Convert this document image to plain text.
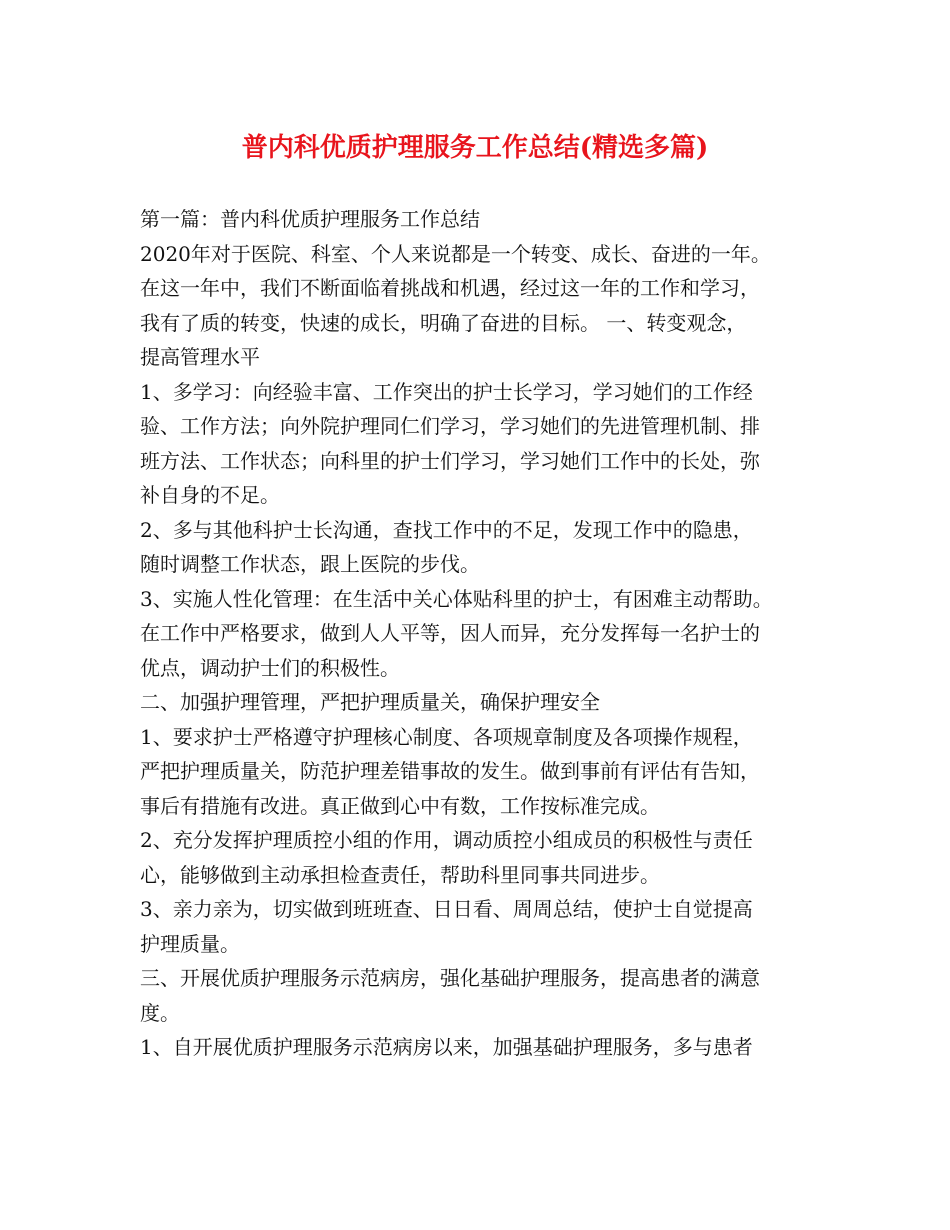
普内科优质护理服务工作总结(精选多篇)
第一篇：普内科优质护理服务工作总结
2020年对于医院、科室、个人来说都是一个转变、成长、奋进的一年。
在这一年中，我们不断面临着挑战和机遇，经过这一年的工作和学习，
我有了质的转变，快速的成长，明确了奋进的目标。 一、转变观念，
提高管理水平
1、多学习：向经验丰富、工作突出的护士长学习，学习她们的工作经
验、工作方法；向外院护理同仁们学习，学习她们的先进管理机制、排
班方法、工作状态；向科里的护士们学习，学习她们工作中的长处，弥
补自身的不足。
2、多与其他科护士长沟通，查找工作中的不足，发现工作中的隐患，
随时调整工作状态，跟上医院的步伐。
3、实施人性化管理：在生活中关心体贴科里的护士，有困难主动帮助。
在工作中严格要求，做到人人平等，因人而异，充分发挥每一名护士的
优点，调动护士们的积极性。
二、加强护理管理，严把护理质量关，确保护理安全
1、要求护士严格遵守护理核心制度、各项规章制度及各项操作规程，
严把护理质量关，防范护理差错事故的发生。做到事前有评估有告知，
事后有措施有改进。真正做到心中有数，工作按标准完成。
2、充分发挥护理质控小组的作用，调动质控小组成员的积极性与责任
心，能够做到主动承担检查责任，帮助科里同事共同进步。
3、亲力亲为，切实做到班班查、日日看、周周总结，使护士自觉提高
护理质量。
三、开展优质护理服务示范病房，强化基础护理服务，提高患者的满意
度。
1、自开展优质护理服务示范病房以来，加强基础护理服务，多与患者
